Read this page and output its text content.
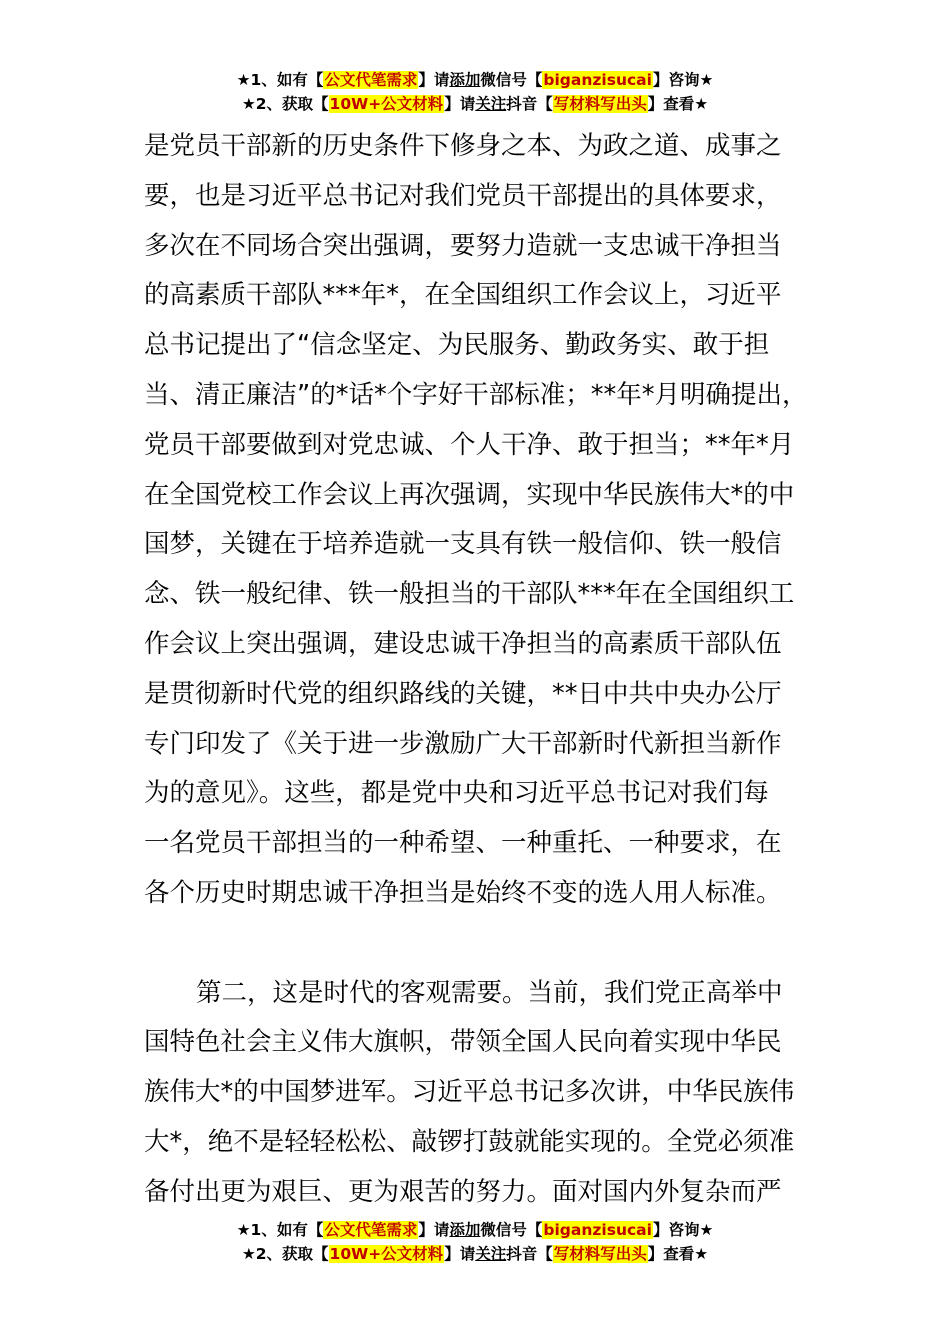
★1、如有【公文代笔需求】请添加微信号【biganzisucai】咨询★
★2、获取【10W+公文材料】请关注抖音【写材料写出头】查看★
是党员干部新的历史条件下修身之本、为政之道、成事之
要，也是习近平总书记对我们党员干部提出的具体要求，
多次在不同场合突出强调，要努力造就一支忠诚干净担当
的高素质干部队***年*，在全国组织工作会议上，习近平
总书记提出了“信念坚定、为民服务、勤政务实、敢于担
当、清正廉洁”的*话*个字好干部标准；**年*月明确提出，
党员干部要做到对党忠诚、个人干净、敢于担当；**年*月
在全国党校工作会议上再次强调，实现中华民族伟大*的中
国梦，关键在于培养造就一支具有铁一般信仰、铁一般信
念、铁一般纪律、铁一般担当的干部队***年在全国组织工
作会议上突出强调，建设忠诚干净担当的高素质干部队伍
是贯彻新时代党的组织路线的关键，**日中共中央办公厅
专门印发了《关于进一步激励广大干部新时代新担当新作
为的意见》。这些，都是党中央和习近平总书记对我们每
一名党员干部担当的一种希望、一种重托、一种要求，在
各个历史时期忠诚干净担当是始终不变的选人用人标准。
第二，这是时代的客观需要。当前，我们党正高举中
国特色社会主义伟大旗帜，带领全国人民向着实现中华民
族伟大*的中国梦进军。习近平总书记多次讲，中华民族伟
大*，绝不是轻轻松松、敲锣打鼓就能实现的。全党必须准
备付出更为艰巨、更为艰苦的努力。面对国内外复杂而严
★1、如有【公文代笔需求】请添加微信号【biganzisucai】咨询★
★2、获取【10W+公文材料】请关注抖音【写材料写出头】查看★
